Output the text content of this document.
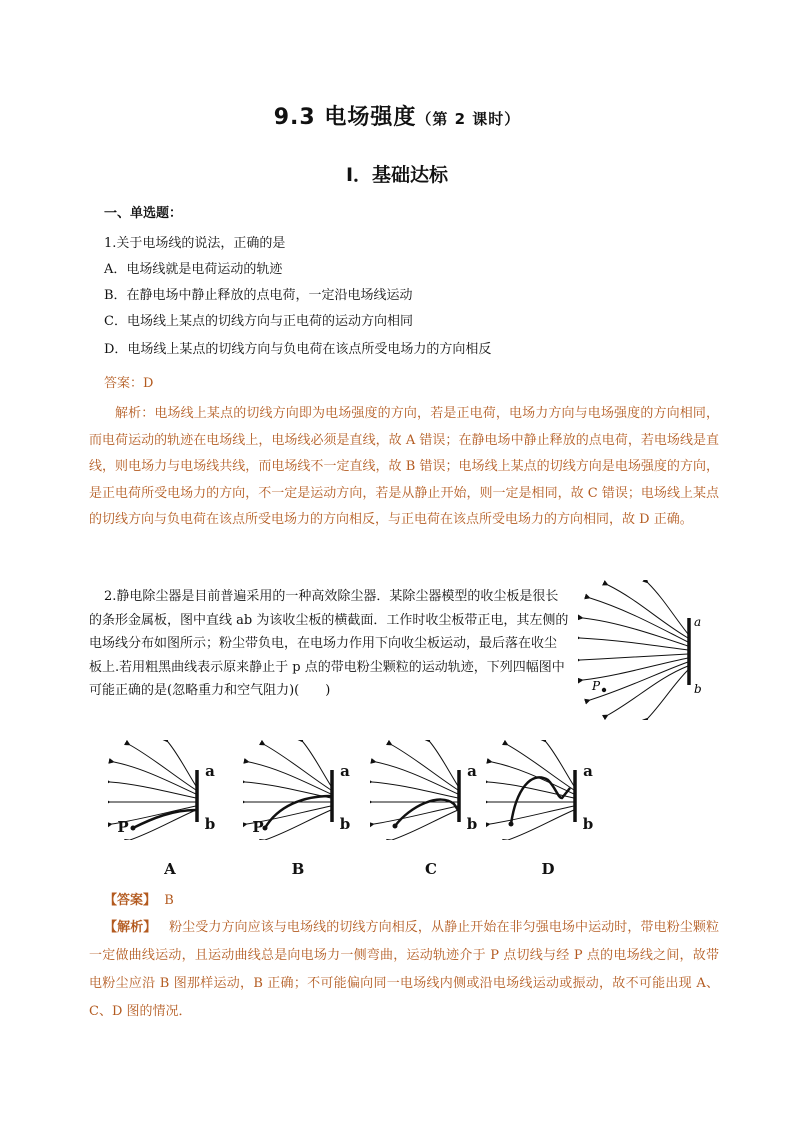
9.3 电场强度（第 2 课时）
Ⅰ．基础达标
一、单选题：
1.关于电场线的说法，正确的是
A．电场线就是电荷运动的轨迹
B．在静电场中静止释放的点电荷，一定沿电场线运动
C．电场线上某点的切线方向与正电荷的运动方向相同
D．电场线上某点的切线方向与负电荷在该点所受电场力的方向相反
答案：D
解析：电场线上某点的切线方向即为电场强度的方向，若是正电荷，电场力方向与电场强度的方向相同，而电荷运动的轨迹在电场线上，电场线必须是直线，故 A 错误；在静电场中静止释放的点电荷，若电场线是直线，则电场力与电场线共线，而电场线不一定直线，故 B 错误；电场线上某点的切线方向是电场强度的方向，是正电荷所受电场力的方向，不一定是运动方向，若是从静止开始，则一定是相同，故 C 错误；电场线上某点的切线方向与负电荷在该点所受电场力的方向相反，与正电荷在该点所受电场力的方向相同，故 D 正确。
2.静电除尘器是目前普遍采用的一种高效除尘器．某除尘器模型的收尘板是很长的条形金属板，图中直线 ab 为该收尘板的横截面．工作时收尘板带正电，其左侧的电场线分布如图所示；粉尘带负电，在电场力作用下向收尘板运动，最后落在收尘板上.若用粗黑曲线表示原来静止于 p 点的带电粉尘颗粒的运动轨迹，下列四幅图中可能正确的是(忽略重力和空气阻力)(　　)
a
b
P
a
b
P
a
b
P
a
b
a
b
A	B	C	D
【答案】 B
【解析】 粉尘受力方向应该与电场线的切线方向相反，从静止开始在非匀强电场中运动时，带电粉尘颗粒一定做曲线运动，且运动曲线总是向电场力一侧弯曲，运动轨迹介于 P 点切线与经 P 点的电场线之间，故带电粉尘应沿 B 图那样运动，B 正确；不可能偏向同一电场线内侧或沿电场线运动或振动，故不可能出现 A、C、D 图的情况．
